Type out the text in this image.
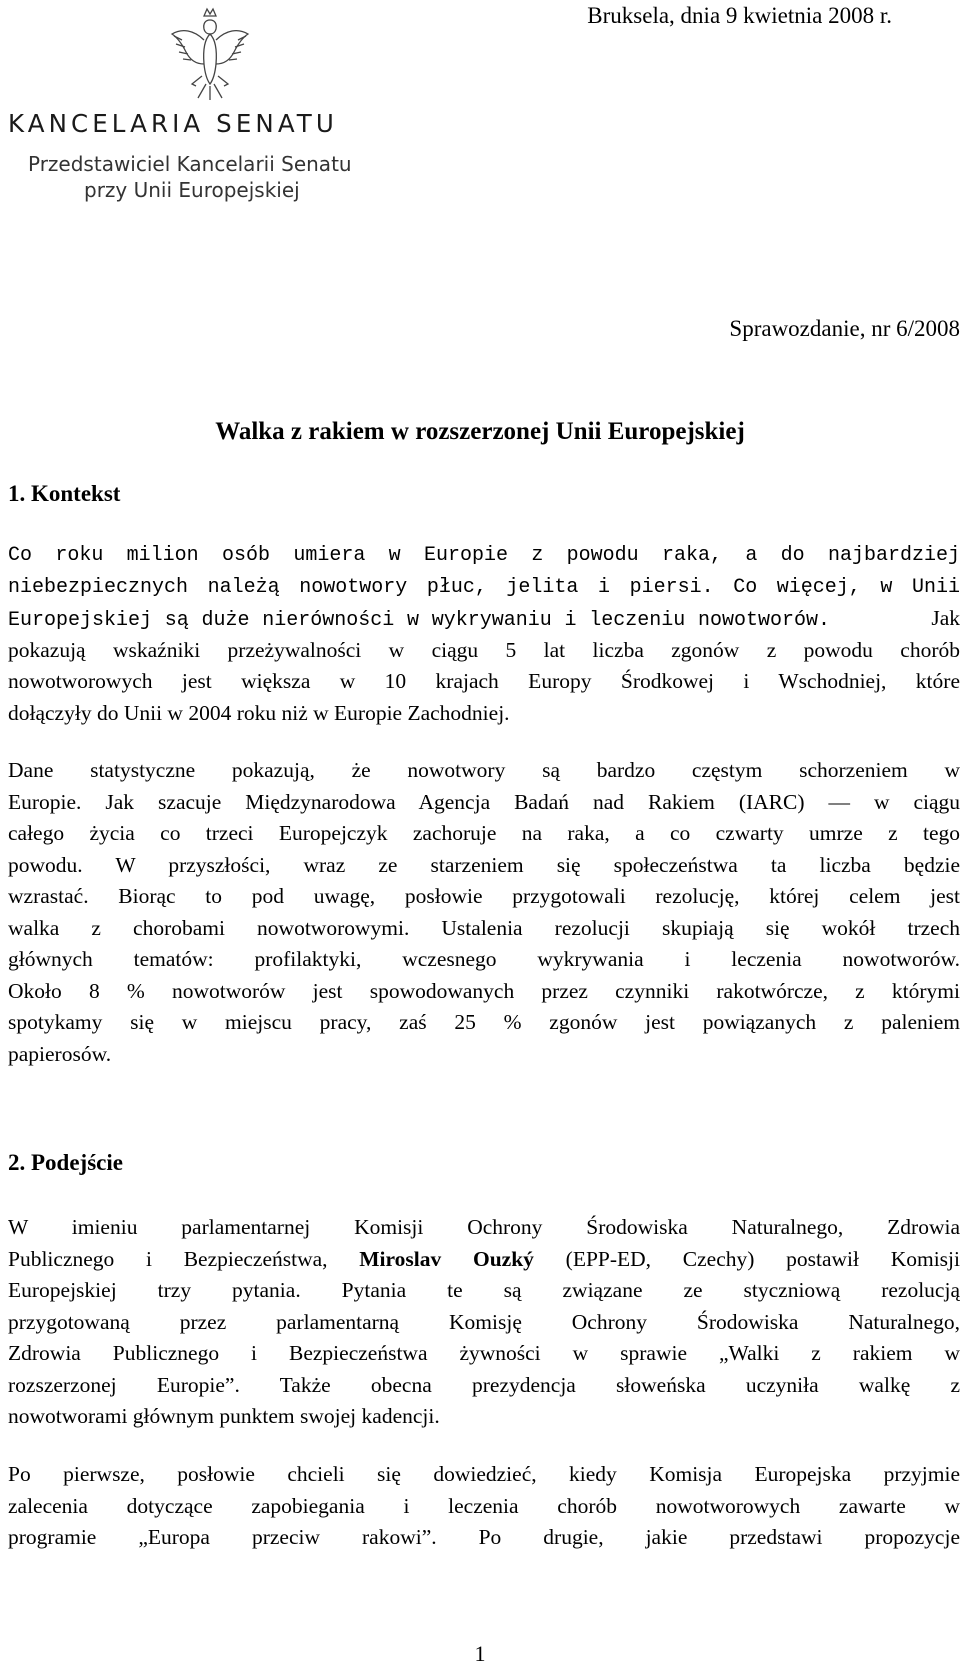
Bruksela, dnia 9 kwietnia 2008 r.
KANCELARIA SENATU
Przedstawiciel Kancelarii Senatu
przy Unii Europejskiej
Sprawozdanie, nr 6/2008
Walka z rakiem w rozszerzonej Unii Europejskiej
1. Kontekst
Co roku milion osób umiera w Europie z powodu raka, a do najbardziej
niebezpiecznych należą nowotwory płuc, jelita i piersi. Co więcej, w Unii
Europejskiej są duże nierówności w wykrywaniu i leczeniu nowotworów.	Jak
pokazują wskaźniki przeżywalności w ciągu 5 lat liczba zgonów z powodu chorób
nowotworowych jest większa w 10 krajach Europy Środkowej i Wschodniej, które
dołączyły do Unii w 2004 roku niż w Europie Zachodniej.
Dane statystyczne pokazują, że nowotwory są bardzo częstym schorzeniem w
Europie. Jak szacuje Międzynarodowa Agencja Badań nad Rakiem (IARC) — w ciągu
całego życia co trzeci Europejczyk zachoruje na raka, a co czwarty umrze z tego
powodu. W przyszłości, wraz ze starzeniem się społeczeństwa ta liczba będzie
wzrastać. Biorąc to pod uwagę, posłowie przygotowali rezolucję, której celem jest
walka z chorobami nowotworowymi. Ustalenia rezolucji skupiają się wokół trzech
głównych tematów: profilaktyki, wczesnego wykrywania i leczenia nowotworów.
Około 8 % nowotworów jest spowodowanych przez czynniki rakotwórcze, z którymi
spotykamy się w miejscu pracy, zaś 25 % zgonów jest powiązanych z paleniem
papierosów.
2. Podejście
W imieniu parlamentarnej Komisji Ochrony Środowiska Naturalnego, Zdrowia
Publicznego i Bezpieczeństwa, Miroslav Ouzký (EPP-ED, Czechy) postawił Komisji
Europejskiej trzy pytania. Pytania te są związane ze styczniową rezolucją
przygotowaną przez parlamentarną Komisję Ochrony Środowiska Naturalnego,
Zdrowia Publicznego i Bezpieczeństwa żywności w sprawie „Walki z rakiem w
rozszerzonej Europie”. Także obecna prezydencja słoweńska uczyniła walkę z
nowotworami głównym punktem swojej kadencji.
Po pierwsze, posłowie chcieli się dowiedzieć, kiedy Komisja Europejska przyjmie
zalecenia dotyczące zapobiegania i leczenia chorób nowotworowych zawarte w
programie „Europa przeciw rakowi”. Po drugie, jakie przedstawi propozycje
1
